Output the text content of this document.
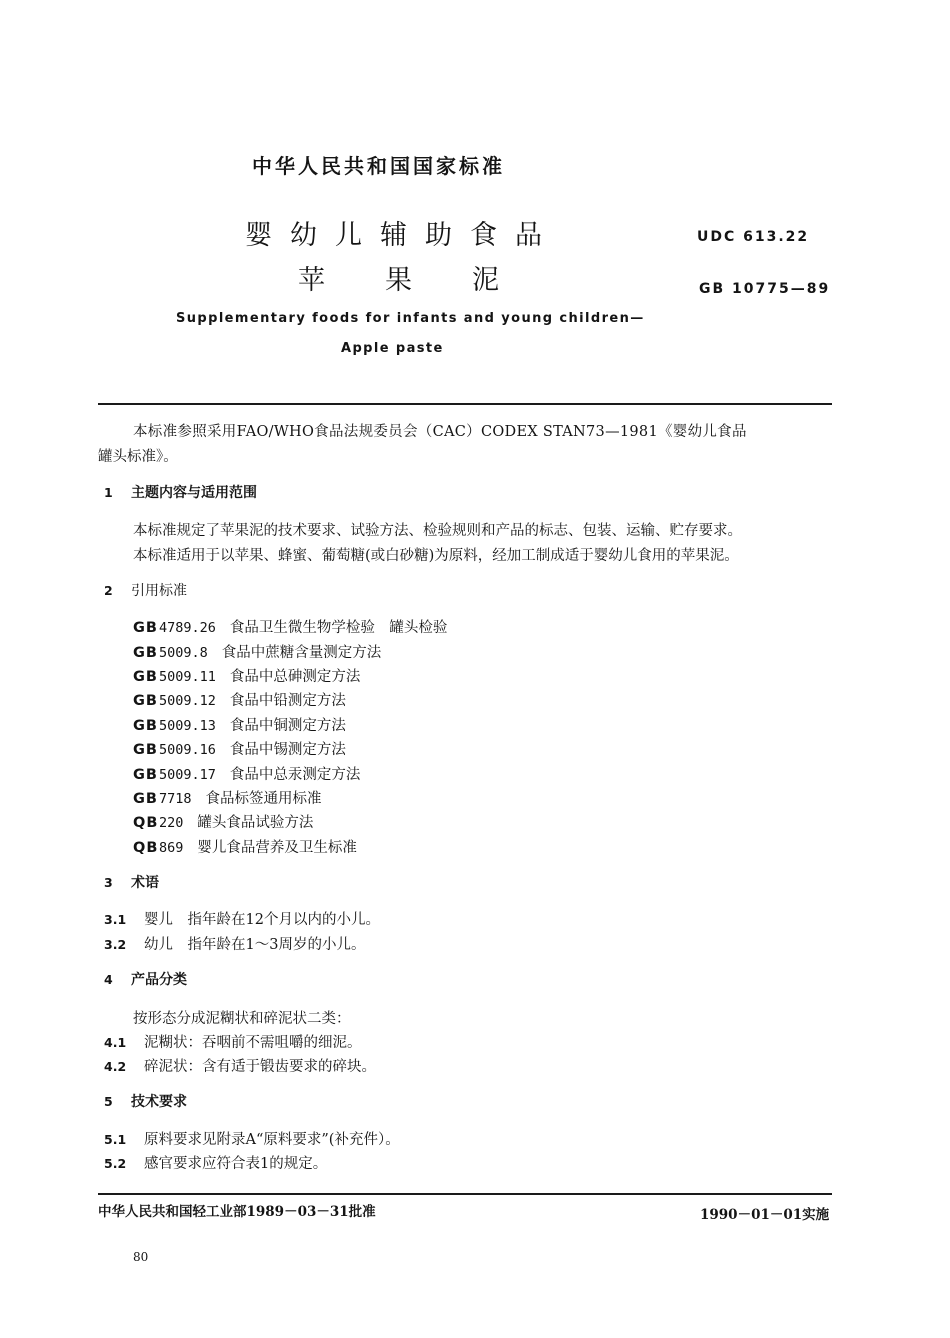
中华人民共和国国家标准
婴幼儿辅助食品
苹果泥
UDC 613.22
GB 10775—89
Supplementary foods for infants and young children—
Apple paste
本标准参照采用FAO/WHO食品法规委员会（CAC）CODEX STAN73—1981《婴幼儿食品
罐头标准》。
1 主题内容与适用范围
本标准规定了苹果泥的技术要求、试验方法、检验规则和产品的标志、包装、运输、贮存要求。
本标准适用于以苹果、蜂蜜、葡萄糖(或白砂糖)为原料，经加工制成适于婴幼儿食用的苹果泥。
2 引用标准
GB4789.26 食品卫生微生物学检验　罐头检验
GB5009.8 食品中蔗糖含量测定方法
GB5009.11 食品中总砷测定方法
GB5009.12 食品中铅测定方法
GB5009.13 食品中铜测定方法
GB5009.16 食品中锡测定方法
GB5009.17 食品中总汞测定方法
GB7718 食品标签通用标准
QB220 罐头食品试验方法
QB869 婴儿食品营养及卫生标准
3 术语
3.1 婴儿　指年龄在12个月以内的小儿。
3.2 幼儿　指年龄在1～3周岁的小儿。
4 产品分类
按形态分成泥糊状和碎泥状二类：
4.1 泥糊状：吞咽前不需咀嚼的细泥。
4.2 碎泥状：含有适于锻齿要求的碎块。
5 技术要求
5.1 原料要求见附录A“原料要求”(补充件）。
5.2 感官要求应符合表1的规定。
中华人民共和国轻工业部1989－03－31批准	1990－01－01实施
80
